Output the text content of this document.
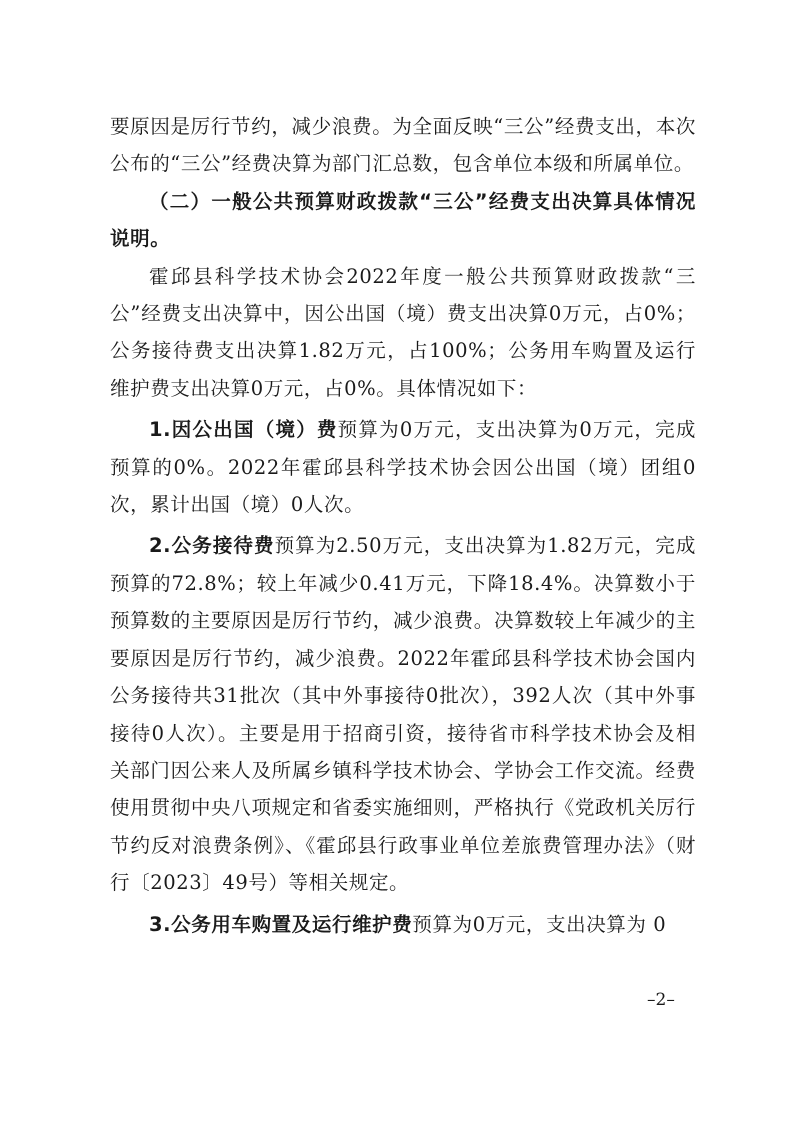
要原因是厉行节约，减少浪费。为全面反映“三公”经费支出，本次公布的“三公”经费决算为部门汇总数，包含单位本级和所属单位。

（二）一般公共预算财政拨款“三公”经费支出决算具体情况说明。

霍邱县科学技术协会2022年度一般公共预算财政拨款“三公”经费支出决算中，因公出国（境）费支出决算0万元，占0%；公务接待费支出决算1.82万元，占100%；公务用车购置及运行维护费支出决算0万元，占0%。具体情况如下：

1.因公出国（境）费预算为0万元，支出决算为0万元，完成预算的0%。2022年霍邱县科学技术协会因公出国（境）团组0次，累计出国（境）0人次。

2.公务接待费预算为2.50万元，支出决算为1.82万元，完成预算的72.8%；较上年减少0.41万元，下降18.4%。决算数小于预算数的主要原因是厉行节约，减少浪费。决算数较上年减少的主要原因是厉行节约，减少浪费。2022年霍邱县科学技术协会国内公务接待共31批次（其中外事接待0批次），392人次（其中外事接待0人次）。主要是用于招商引资，接待省市科学技术协会及相关部门因公来人及所属乡镇科学技术协会、学协会工作交流。经费使用贯彻中央八项规定和省委实施细则，严格执行《党政机关厉行节约反对浪费条例》、《霍邱县行政事业单位差旅费管理办法》（财行〔2023〕49号）等相关规定。

3.公务用车购置及运行维护费预算为0万元，支出决算为 0

–2–
